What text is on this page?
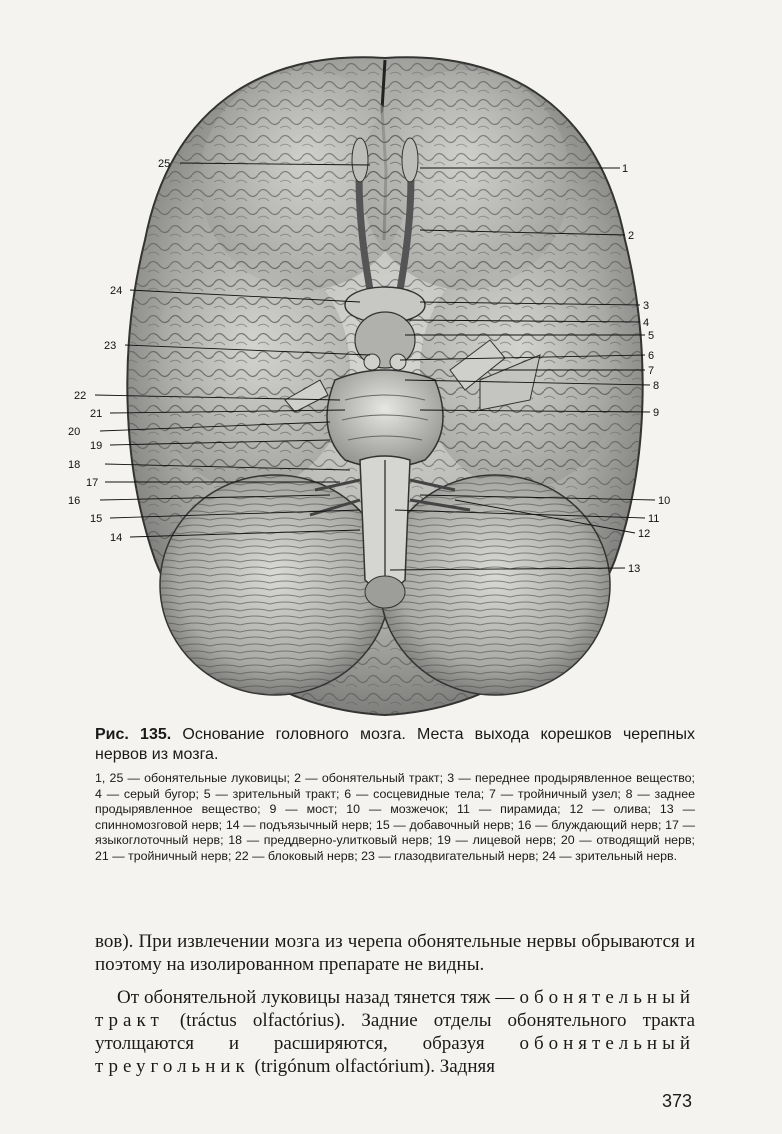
1
2
3
4
5
6
7
8
9
10
11
12
13
25
24
23
22
21
20
19
18
17
16
15
14

Рис. 135. Основание головного мозга. Места выхода корешков черепных нервов из мозга.

1, 25 — обонятельные луковицы; 2 — обонятельный тракт; 3 — переднее продырявленное вещество; 4 — серый бугор; 5 — зрительный тракт; 6 — сосцевидные тела; 7 — тройничный узел; 8 — заднее продырявленное вещество; 9 — мост; 10 — мозжечок; 11 — пирамида; 12 — олива; 13 — спинномозговой нерв; 14 — подъязычный нерв; 15 — добавочный нерв; 16 — блуждающий нерв; 17 — языкоглоточный нерв; 18 — преддверно-улитковый нерв; 19 — лицевой нерв; 20 — отводящий нерв; 21 — тройничный нерв; 22 — блоковый нерв; 23 — глазодвигательный нерв; 24 — зрительный нерв.

вов). При извлечении мозга из черепа обонятельные нервы обрываются и поэтому на изолированном препарате не видны.

От обонятельной луковицы назад тянется тяж — обонятельный тракт (tráctus olfactórius). Задние отделы обонятельного тракта утолщаются и расширяются, образуя обонятельный треугольник (trigónum olfactórium). Задняя

373
